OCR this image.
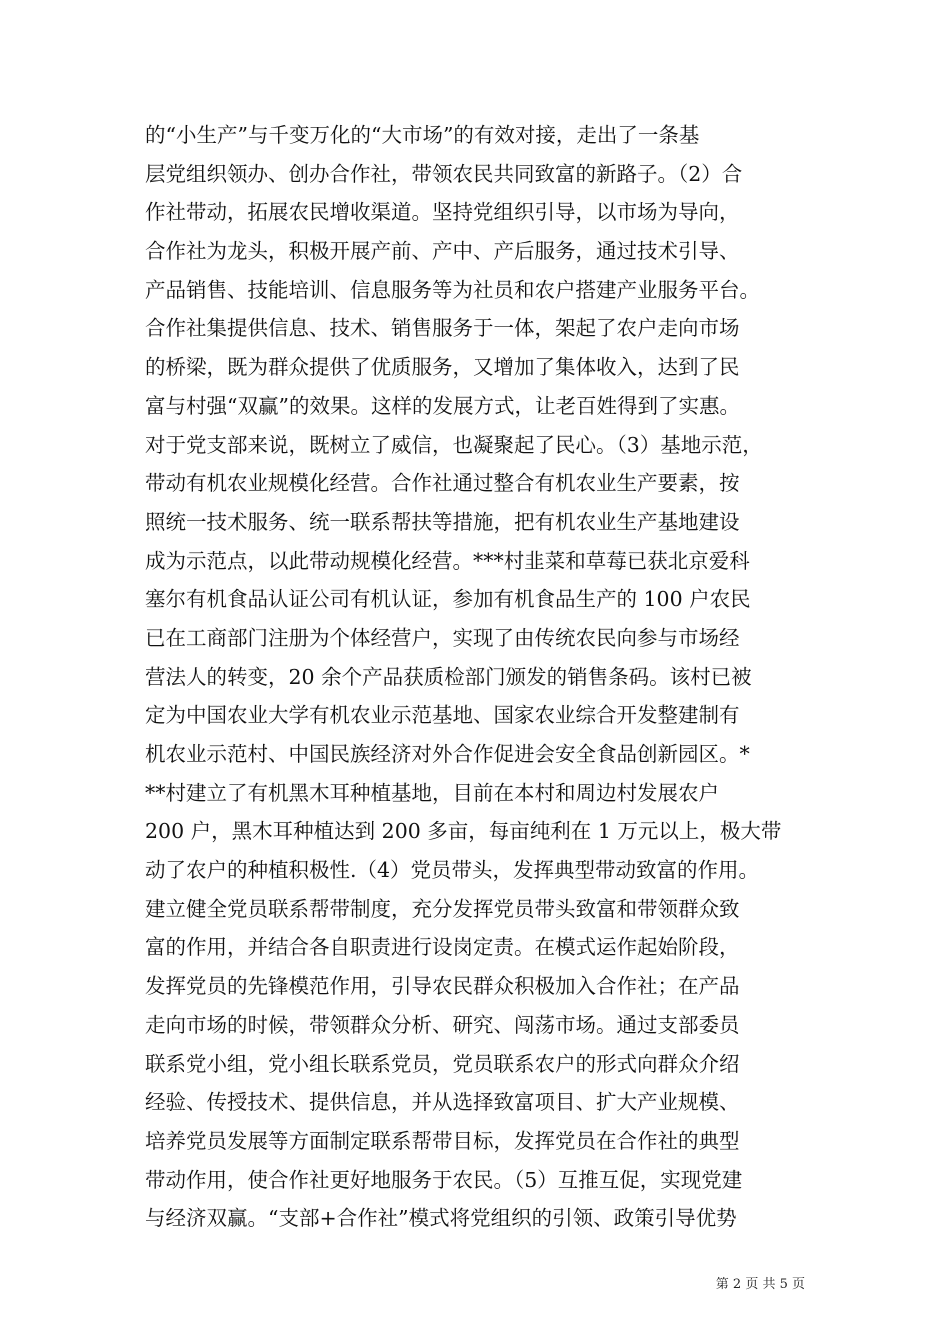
的“小生产”与千变万化的“大市场”的有效对接，走出了一条基
层党组织领办、创办合作社，带领农民共同致富的新路子。（2）合
作社带动，拓展农民增收渠道。坚持党组织引导，以市场为导向，
合作社为龙头，积极开展产前、产中、产后服务，通过技术引导、
产品销售、技能培训、信息服务等为社员和农户搭建产业服务平台。
合作社集提供信息、技术、销售服务于一体，架起了农户走向市场
的桥梁，既为群众提供了优质服务，又增加了集体收入，达到了民
富与村强“双赢”的效果。这样的发展方式，让老百姓得到了实惠。
对于党支部来说，既树立了威信，也凝聚起了民心。（3）基地示范，
带动有机农业规模化经营。合作社通过整合有机农业生产要素，按
照统一技术服务、统一联系帮扶等措施，把有机农业生产基地建设
成为示范点，以此带动规模化经营。***村韭菜和草莓已获北京爱科
塞尔有机食品认证公司有机认证，参加有机食品生产的 100 户农民
已在工商部门注册为个体经营户，实现了由传统农民向参与市场经
营法人的转变，20 余个产品获质检部门颁发的销售条码。该村已被
定为中国农业大学有机农业示范基地、国家农业综合开发整建制有
机农业示范村、中国民族经济对外合作促进会安全食品创新园区。*
**村建立了有机黑木耳种植基地，目前在本村和周边村发展农户
200 户，黑木耳种植达到 200 多亩，每亩纯利在 1 万元以上，极大带
动了农户的种植积极性.（4）党员带头，发挥典型带动致富的作用。
建立健全党员联系帮带制度，充分发挥党员带头致富和带领群众致
富的作用，并结合各自职责进行设岗定责。在模式运作起始阶段，
发挥党员的先锋模范作用，引导农民群众积极加入合作社；在产品
走向市场的时候，带领群众分析、研究、闯荡市场。通过支部委员
联系党小组，党小组长联系党员，党员联系农户的形式向群众介绍
经验、传授技术、提供信息，并从选择致富项目、扩大产业规模、
培养党员发展等方面制定联系帮带目标，发挥党员在合作社的典型
带动作用，使合作社更好地服务于农民。（5）互推互促，实现党建
与经济双赢。“支部+合作社”模式将党组织的引领、政策引导优势
第 2 页 共 5 页
